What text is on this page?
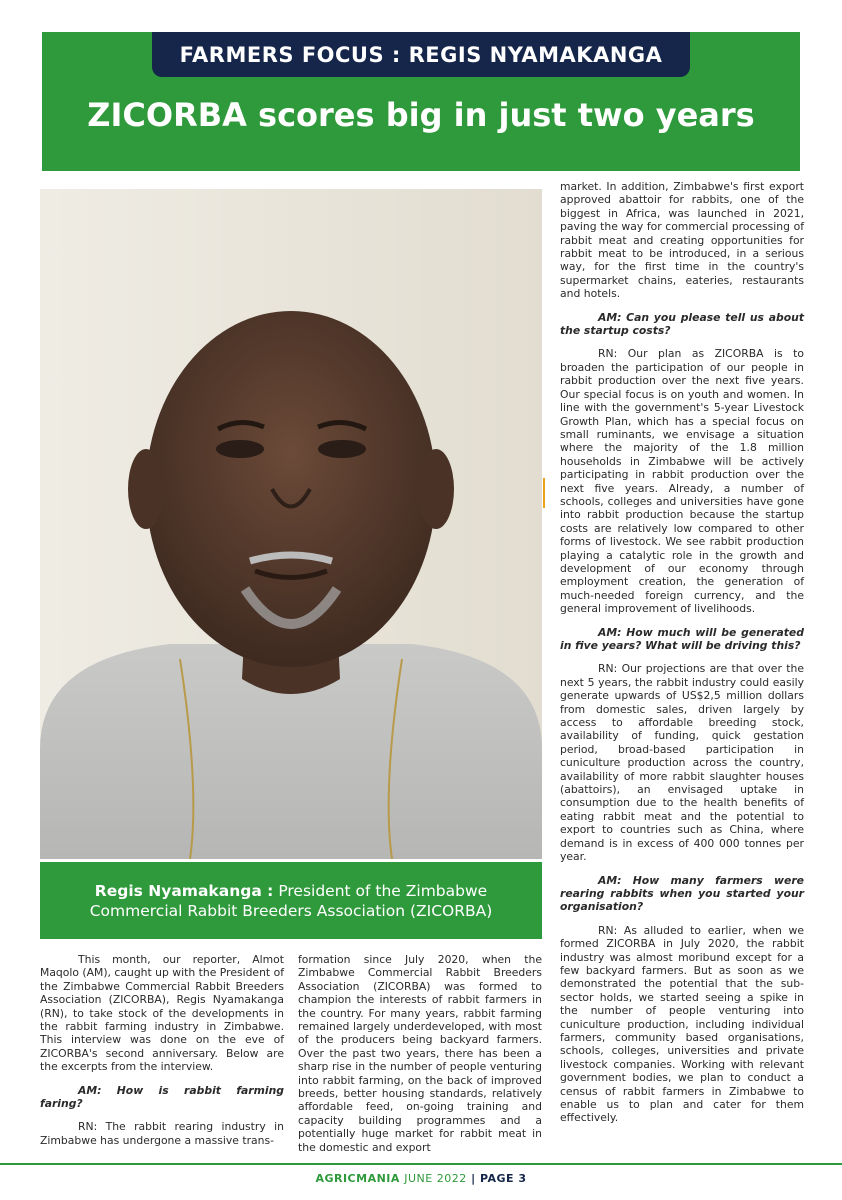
FARMERS FOCUS : REGIS NYAMAKANGA
ZICORBA scores big in just two years
Regis Nyamakanga : President of the Zimbabwe
Commercial Rabbit Breeders Association (ZICORBA)

This month, our reporter, Almot Maqolo (AM), caught up with the President of the Zimbabwe Commercial Rabbit Breeders Association (ZICORBA), Regis Nyamakanga (RN), to take stock of the developments in the rabbit farming industry in Zimbabwe. This interview was done on the eve of ZICORBA's second anniversary. Below are the excerpts from the interview.

AM: How is rabbit farming faring?

RN: The rabbit rearing industry in Zimbabwe has undergone a massive trans-

formation since July 2020, when the Zimbabwe Commercial Rabbit Breeders Association (ZICORBA) was formed to champion the interests of rabbit farmers in the country. For many years, rabbit farming remained largely underdeveloped, with most of the producers being backyard farmers. Over the past two years, there has been a sharp rise in the number of people venturing into rabbit farming, on the back of improved breeds, better housing standards, relatively affordable feed, on-going training and capacity building programmes and a potentially huge market for rabbit meat in the domestic and export

market. In addition, Zimbabwe's first export approved abattoir for rabbits, one of the biggest in Africa, was launched in 2021, paving the way for commercial processing of rabbit meat and creating opportunities for rabbit meat to be introduced, in a serious way, for the first time in the country's supermarket chains, eateries, restaurants and hotels.

AM: Can you please tell us about the startup costs?

RN: Our plan as ZICORBA is to broaden the participation of our people in rabbit production over the next five years. Our special focus is on youth and women. In line with the government's 5-year Livestock Growth Plan, which has a special focus on small ruminants, we envisage a situation where the majority of the 1.8 million households in Zimbabwe will be actively participating in rabbit production over the next five years. Already, a number of schools, colleges and universities have gone into rabbit production because the startup costs are relatively low compared to other forms of livestock. We see rabbit production playing a catalytic role in the growth and development of our economy through employment creation, the generation of much-needed foreign currency, and the general improvement of livelihoods.

AM: How much will be generated in five years? What will be driving this?

RN: Our projections are that over the next 5 years, the rabbit industry could easily generate upwards of US$2,5 million dollars from domestic sales, driven largely by access to affordable breeding stock, availability of funding, quick gestation period, broad-based participation in cuniculture production across the country, availability of more rabbit slaughter houses (abattoirs), an envisaged uptake in consumption due to the health benefits of eating rabbit meat and the potential to export to countries such as China, where demand is in excess of 400 000 tonnes per year.

AM: How many farmers were rearing rabbits when you started your organisation?

RN: As alluded to earlier, when we formed ZICORBA in July 2020, the rabbit industry was almost moribund except for a few backyard farmers. But as soon as we demonstrated the potential that the sub-sector holds, we started seeing a spike in the number of people venturing into cuniculture production, including individual farmers, community based organisations, schools, colleges, universities and private livestock companies. Working with relevant government bodies, we plan to conduct a census of rabbit farmers in Zimbabwe to enable us to plan and cater for them effectively.

AGRICMANIA JUNE 2022 | PAGE 3
